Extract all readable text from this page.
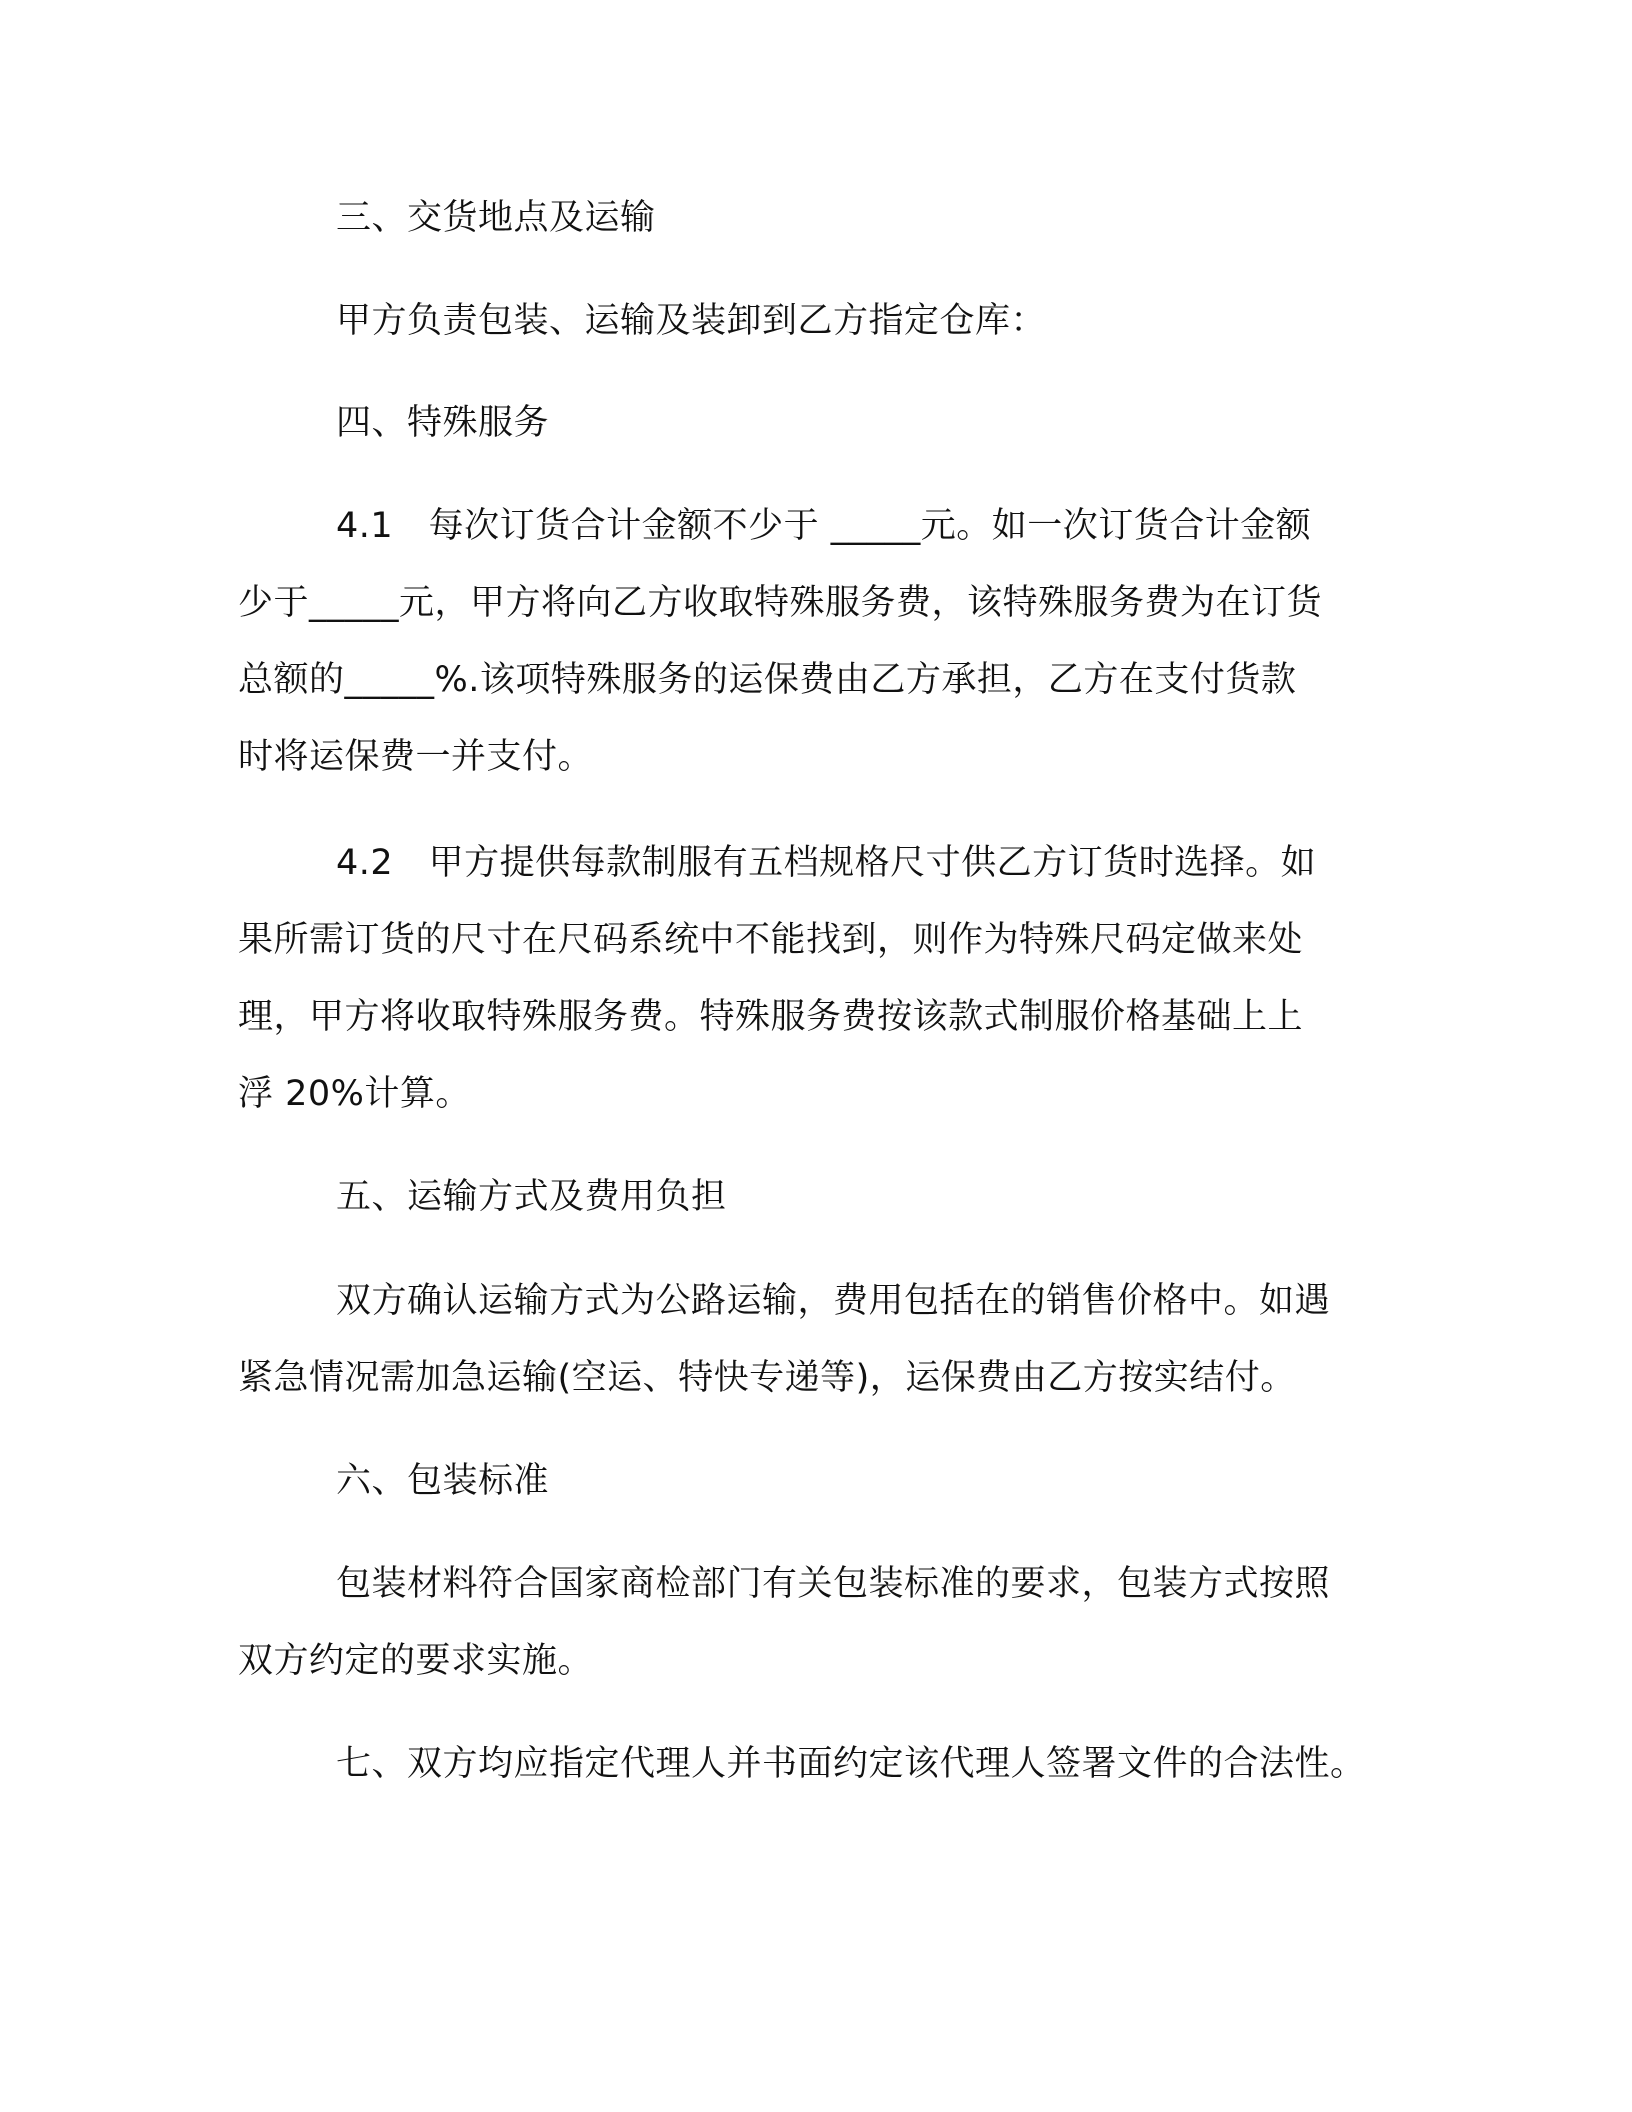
三、交货地点及运输
甲方负责包装、运输及装卸到乙方指定仓库：
四、特殊服务
4.1　每次订货合计金额不少于 _____元。如一次订货合计金额
少于_____元，甲方将向乙方收取特殊服务费，该特殊服务费为在订货
总额的_____%.该项特殊服务的运保费由乙方承担，乙方在支付货款
时将运保费一并支付。
4.2　甲方提供每款制服有五档规格尺寸供乙方订货时选择。如
果所需订货的尺寸在尺码系统中不能找到，则作为特殊尺码定做来处
理，甲方将收取特殊服务费。特殊服务费按该款式制服价格基础上上
浮 20%计算。
五、运输方式及费用负担
双方确认运输方式为公路运输，费用包括在的销售价格中。如遇
紧急情况需加急运输(空运、特快专递等)，运保费由乙方按实结付。
六、包装标准
包装材料符合国家商检部门有关包装标准的要求，包装方式按照
双方约定的要求实施。
七、双方均应指定代理人并书面约定该代理人签署文件的合法性。
